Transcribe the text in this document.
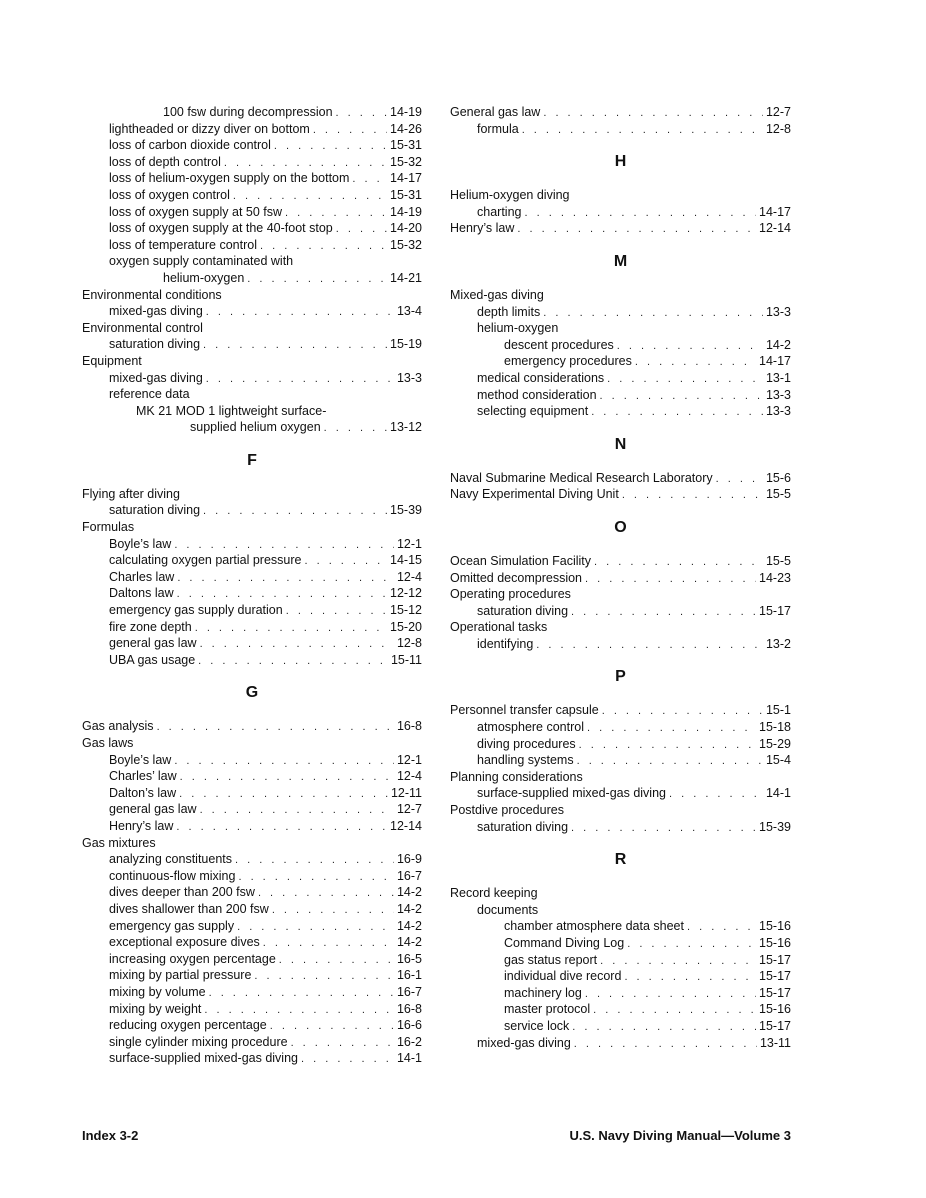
100 fsw during decompression . . .	14-19
lightheaded or dizzy diver on bottom . . .	14-26
loss of carbon dioxide control . . .	15-31
loss of depth control . . .	15-32
loss of helium-oxygen supply on the bottom . . .	14-17
loss of oxygen control . . .	15-31
loss of oxygen supply at 50 fsw . . .	14-19
loss of oxygen supply at the 40-foot stop . . .	14-20
loss of temperature control . . .	15-32
oxygen supply contaminated with
helium-oxygen . . .	14-21
Environmental conditions
mixed-gas diving . . .	13-4
Environmental control
saturation diving . . .	15-19
Equipment
mixed-gas diving . . .	13-3
reference data
MK 21 MOD 1 lightweight surface-
supplied helium oxygen . . .	13-12
F
Flying after diving
saturation diving . . .	15-39
Formulas
Boyle’s law . . .	12-1
calculating oxygen partial pressure . . .	14-15
Charles law . . .	12-4
Daltons law . . .	12-12
emergency gas supply duration . . .	15-12
fire zone depth . . .	15-20
general gas law . . .	12-8
UBA gas usage . . .	15-11
G
Gas analysis . . .	16-8
Gas laws
Boyle’s law . . .	12-1
Charles’ law . . .	12-4
Dalton’s law . . .	12-11
general gas law . . .	12-7
Henry’s law . . .	12-14
Gas mixtures
analyzing constituents . . .	16-9
continuous-flow mixing . . .	16-7
dives deeper than 200 fsw . . .	14-2
dives shallower than 200 fsw . . .	14-2
emergency gas supply . . .	14-2
exceptional exposure dives . . .	14-2
increasing oxygen percentage . . .	16-5
mixing by partial pressure . . .	16-1
mixing by volume . . .	16-7
mixing by weight . . .	16-8
reducing oxygen percentage . . .	16-6
single cylinder mixing procedure . . .	16-2
surface-supplied mixed-gas diving . . .	14-1
General gas law . . .	12-7
formula . . .	12-8
H
Helium-oxygen diving
charting . . .	14-17
Henry’s law . . .	12-14
M
Mixed-gas diving
depth limits . . .	13-3
helium-oxygen
descent procedures . . .	14-2
emergency procedures . . .	14-17
medical considerations . . .	13-1
method consideration . . .	13-3
selecting equipment . . .	13-3
N
Naval Submarine Medical Research Laboratory . . .	15-6
Navy Experimental Diving Unit . . .	15-5
O
Ocean Simulation Facility . . .	15-5
Omitted decompression . . .	14-23
Operating procedures
saturation diving . . .	15-17
Operational tasks
identifying . . .	13-2
P
Personnel transfer capsule . . .	15-1
atmosphere control . . .	15-18
diving procedures . . .	15-29
handling systems . . .	15-4
Planning considerations
surface-supplied mixed-gas diving . . .	14-1
Postdive procedures
saturation diving . . .	15-39
R
Record keeping
documents
chamber atmosphere data sheet . . .	15-16
Command Diving Log . . .	15-16
gas status report . . .	15-17
individual dive record . . .	15-17
machinery log . . .	15-17
master protocol . . .	15-16
service lock . . .	15-17
mixed-gas diving . . .	13-11
Index 3-2	U.S. Navy Diving Manual—Volume 3
